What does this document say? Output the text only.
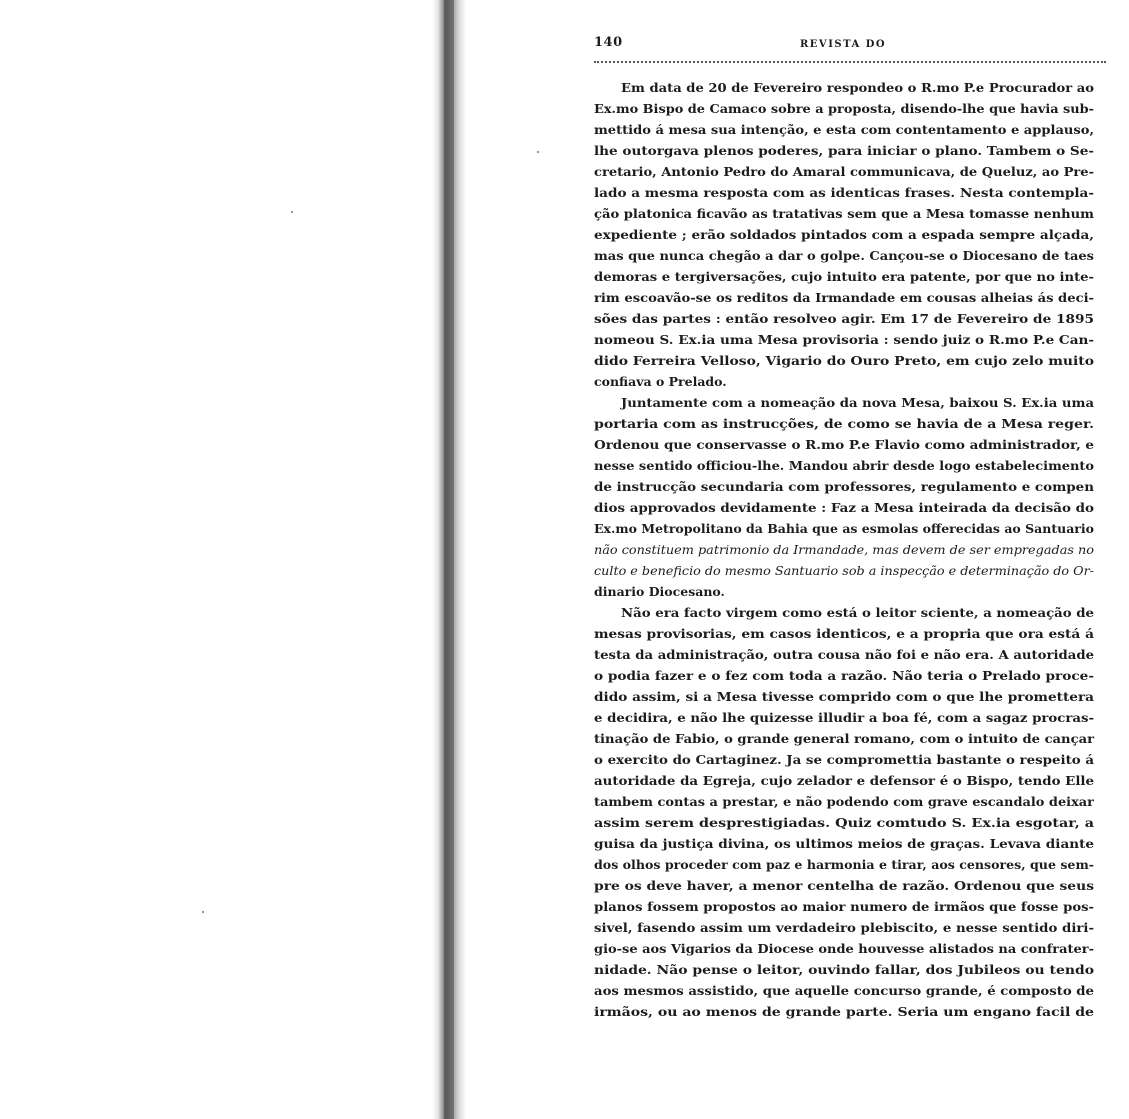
140	REVISTA DO
Em data de 20 de Fevereiro respondeo o R.mo P.e Procurador ao
Ex.mo Bispo de Camaco sobre a proposta, disendo-lhe que havia sub-
mettido á mesa sua intenção, e esta com contentamento e applauso,
lhe outorgava plenos poderes, para iniciar o plano. Tambem o Se-
cretario, Antonio Pedro do Amaral communicava, de Queluz, ao Pre-
lado a mesma resposta com as identicas frases. Nesta contempla-
ção platonica ficavão as tratativas sem que a Mesa tomasse nenhum
expediente ; erão soldados pintados com a espada sempre alçada,
mas que nunca chegão a dar o golpe. Cançou-se o Diocesano de taes
demoras e tergiversações, cujo intuito era patente, por que no inte-
rim escoavão-se os reditos da Irmandade em cousas alheias ás deci-
sões das partes : então resolveo agir. Em 17 de Fevereiro de 1895
nomeou S. Ex.ia uma Mesa provisoria : sendo juiz o R.mo P.e Can-
dido Ferreira Velloso, Vigario do Ouro Preto, em cujo zelo muito
confiava o Prelado.
Juntamente com a nomeação da nova Mesa, baixou S. Ex.ia uma
portaria com as instrucções, de como se havia de a Mesa reger.
Ordenou que conservasse o R.mo P.e Flavio como administrador, e
nesse sentido officiou-lhe. Mandou abrir desde logo estabelecimento
de instrucção secundaria com professores, regulamento e compen
dios approvados devidamente : Faz a Mesa inteirada da decisão do
Ex.mo Metropolitano da Bahia que as esmolas offerecidas ao Santuario
não constituem patrimonio da Irmandade, mas devem de ser empregadas no
culto e beneficio do mesmo Santuario sob a inspecção e determinação do Or-
dinario Diocesano.
Não era facto virgem como está o leitor sciente, a nomeação de
mesas provisorias, em casos identicos, e a propria que ora está á
testa da administração, outra cousa não foi e não era. A autoridade
o podia fazer e o fez com toda a razão. Não teria o Prelado proce-
dido assim, si a Mesa tivesse comprido com o que lhe promettera
e decidira, e não lhe quizesse illudir a boa fé, com a sagaz procras-
tinação de Fabio, o grande general romano, com o intuito de cançar
o exercito do Cartaginez. Ja se compromettia bastante o respeito á
autoridade da Egreja, cujo zelador e defensor é o Bispo, tendo Elle
tambem contas a prestar, e não podendo com grave escandalo deixar
assim serem desprestigiadas. Quiz comtudo S. Ex.ia esgotar, a
guisa da justiça divina, os ultimos meios de graças. Levava diante
dos olhos proceder com paz e harmonia e tirar, aos censores, que sem-
pre os deve haver, a menor centelha de razão. Ordenou que seus
planos fossem propostos ao maior numero de irmãos que fosse pos-
sivel, fasendo assim um verdadeiro plebiscito, e nesse sentido diri-
gio-se aos Vigarios da Diocese onde houvesse alistados na confrater-
nidade. Não pense o leitor, ouvindo fallar, dos Jubileos ou tendo
aos mesmos assistido, que aquelle concurso grande, é composto de
irmãos, ou ao menos de grande parte. Seria um engano facil de
